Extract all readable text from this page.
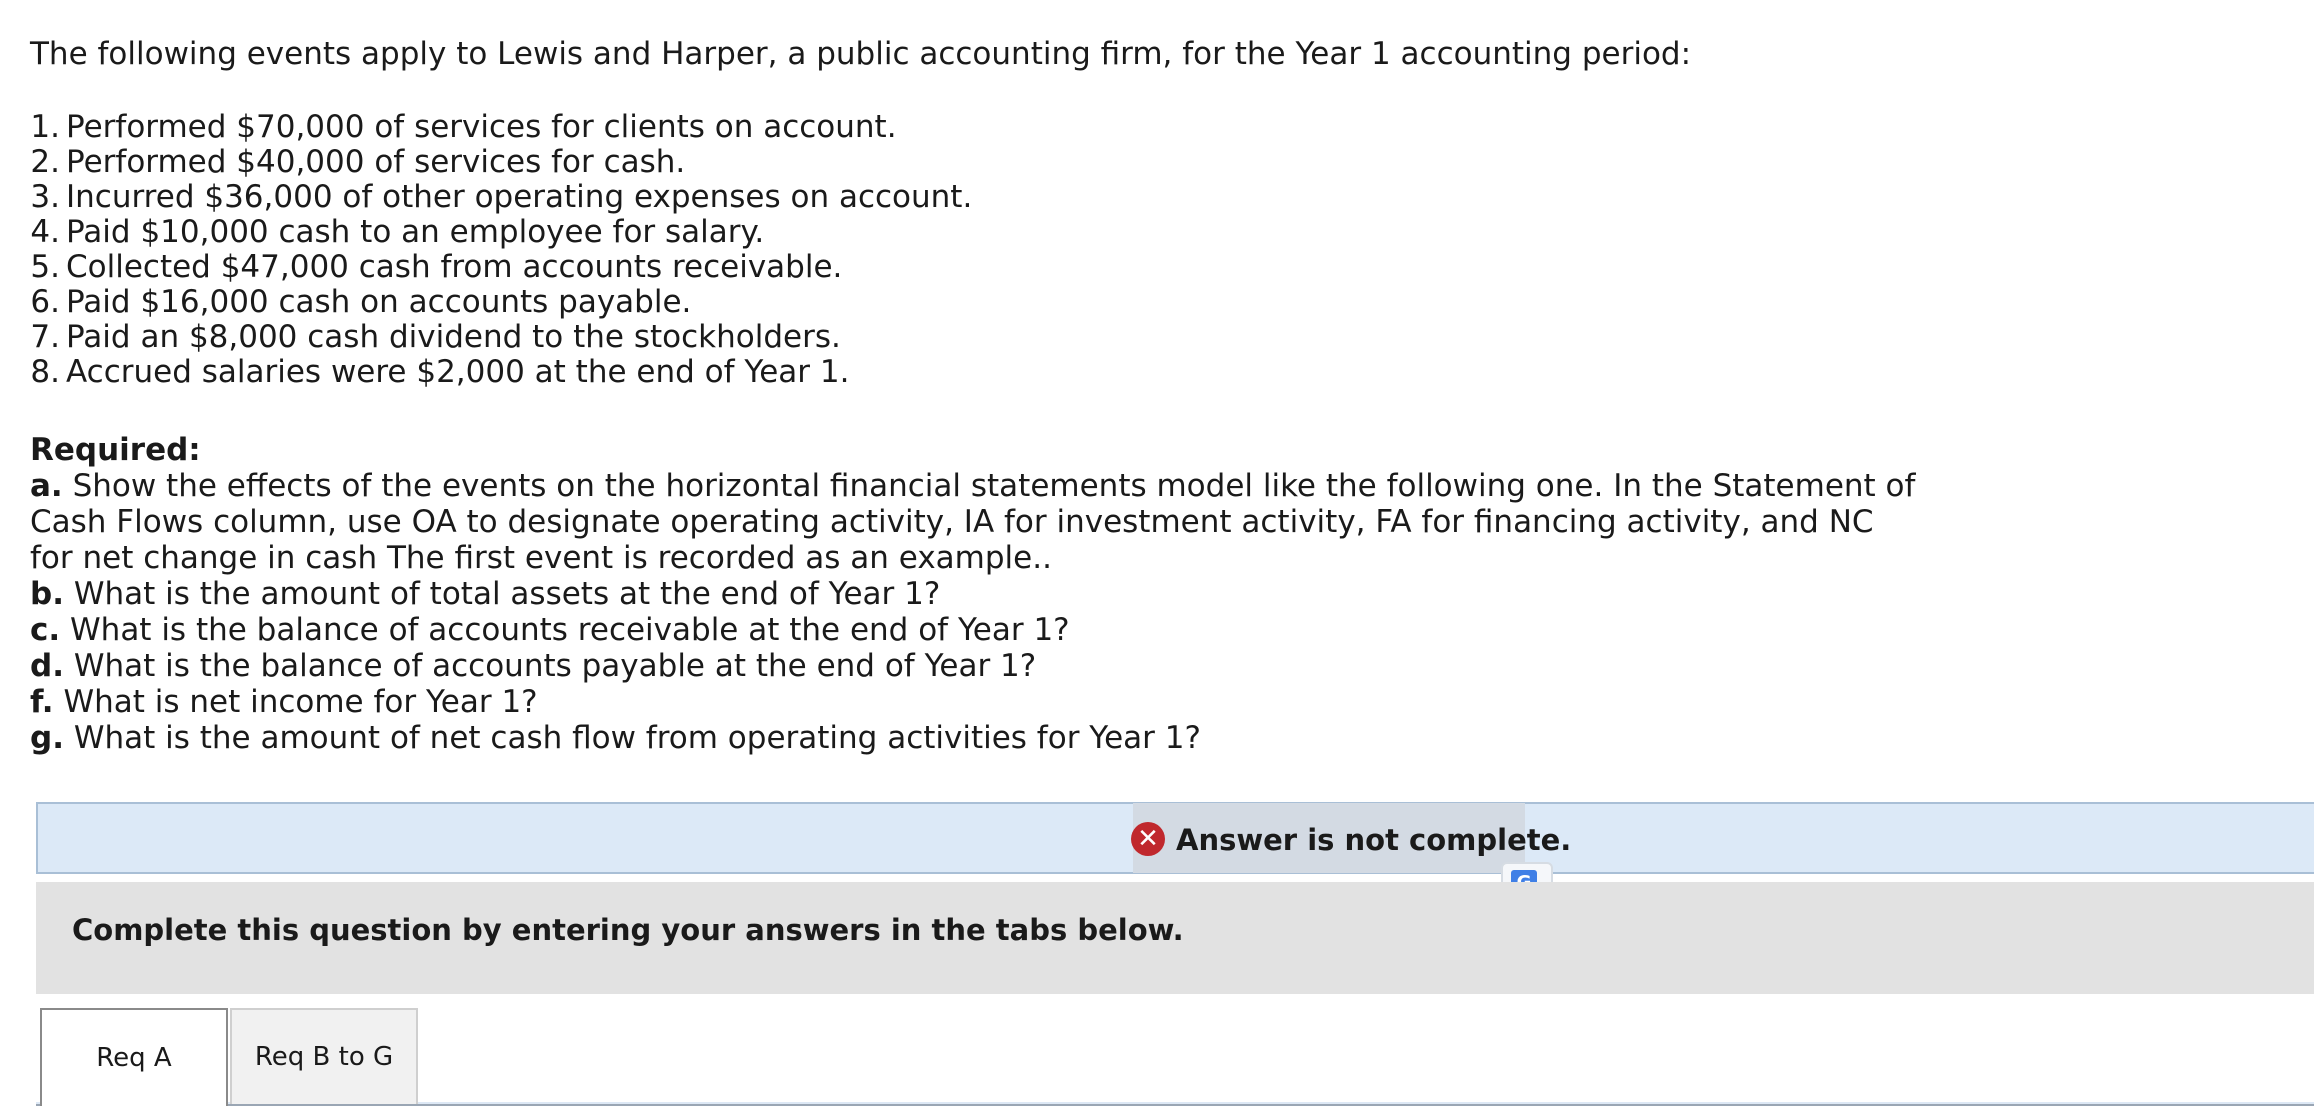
The following events apply to Lewis and Harper, a public accounting firm, for the Year 1 accounting period:
1. Performed $70,000 of services for clients on account.
2. Performed $40,000 of services for cash.
3. Incurred $36,000 of other operating expenses on account.
4. Paid $10,000 cash to an employee for salary.
5. Collected $47,000 cash from accounts receivable.
6. Paid $16,000 cash on accounts payable.
7. Paid an $8,000 cash dividend to the stockholders.
8. Accrued salaries were $2,000 at the end of Year 1.
Required:
a. Show the effects of the events on the horizontal financial statements model like the following one. In the Statement of Cash Flows column, use OA to designate operating activity, IA for investment activity, FA for financing activity, and NC for net change in cash The first event is recorded as an example..
b. What is the amount of total assets at the end of Year 1?
c. What is the balance of accounts receivable at the end of Year 1?
d. What is the balance of accounts payable at the end of Year 1?
f. What is net income for Year 1?
g. What is the amount of net cash flow from operating activities for Year 1?
✕ Answer is not complete.
Complete this question by entering your answers in the tabs below.
Req A	Req B to G
